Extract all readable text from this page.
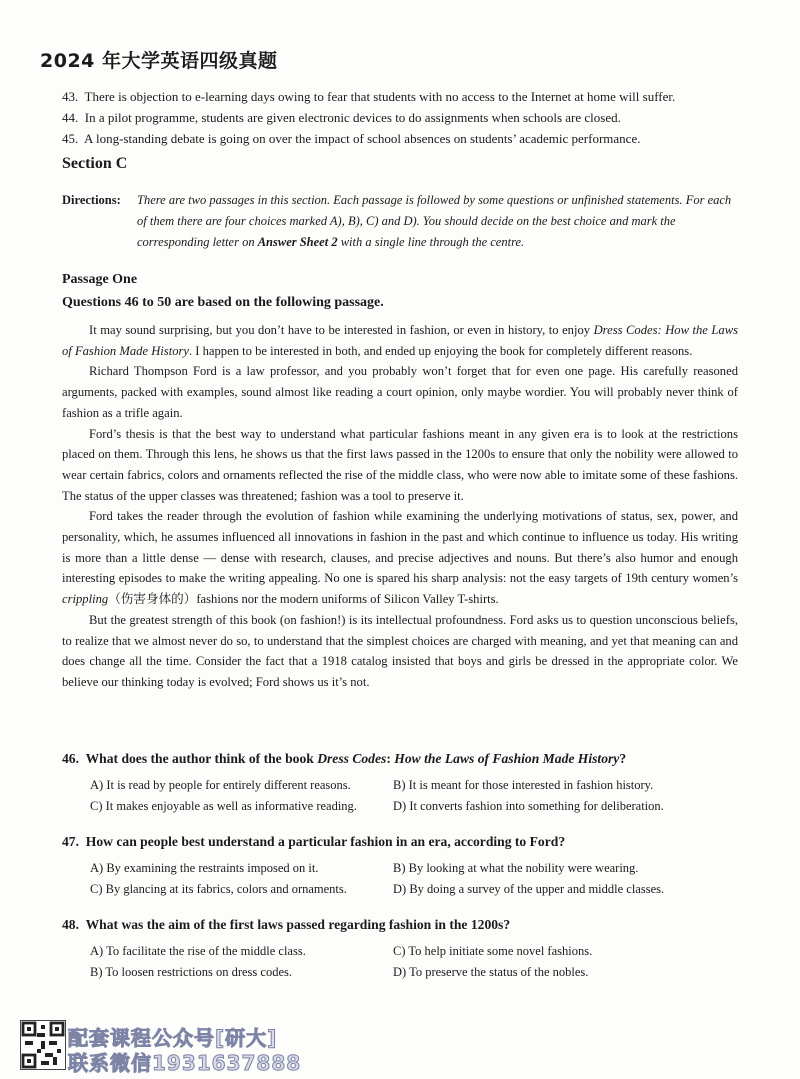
2024 年大学英语四级真题

43. There is objection to e-learning days owing to fear that students with no access to the Internet at home will suffer.

44. In a pilot programme, students are given electronic devices to do assignments when schools are closed.

45. A long-standing debate is going on over the impact of school absences on students’ academic performance.

Section C
Directions: There are two passages in this section. Each passage is followed by some questions or unfinished statements. For each of them there are four choices marked A), B), C) and D). You should decide on the best choice and mark the corresponding letter on Answer Sheet 2 with a single line through the centre.
Passage One
Questions 46 to 50 are based on the following passage.

It may sound surprising, but you don’t have to be interested in fashion, or even in history, to enjoy Dress Codes: How the Laws of Fashion Made History. I happen to be interested in both, and ended up enjoying the book for completely different reasons.

Richard Thompson Ford is a law professor, and you probably won’t forget that for even one page. His carefully reasoned arguments, packed with examples, sound almost like reading a court opinion, only maybe wordier. You will probably never think of fashion as a trifle again.

Ford’s thesis is that the best way to understand what particular fashions meant in any given era is to look at the restrictions placed on them. Through this lens, he shows us that the first laws passed in the 1200s to ensure that only the nobility were allowed to wear certain fabrics, colors and ornaments reflected the rise of the middle class, who were now able to imitate some of these fashions. The status of the upper classes was threatened; fashion was a tool to preserve it.

Ford takes the reader through the evolution of fashion while examining the underlying motivations of status, sex, power, and personality, which, he assumes influenced all innovations in fashion in the past and which continue to influence us today. His writing is more than a little dense — dense with research, clauses, and precise adjectives and nouns. But there’s also humor and enough interesting episodes to make the writing appealing. No one is spared his sharp analysis: not the easy targets of 19th century women’s crippling（伤害身体的）fashions nor the modern uniforms of Silicon Valley T-shirts.

But the greatest strength of this book (on fashion!) is its intellectual profoundness. Ford asks us to question unconscious beliefs, to realize that we almost never do so, to understand that the simplest choices are charged with meaning, and yet that meaning can and does change all the time. Consider the fact that a 1918 catalog insisted that boys and girls be dressed in the appropriate color. We believe our thinking today is evolved; Ford shows us it’s not.

46. What does the author think of the book Dress Codes: How the Laws of Fashion Made History?
A) It is read by people for entirely different reasons.	B) It is meant for those interested in fashion history.
C) It makes enjoyable as well as informative reading.	D) It converts fashion into something for deliberation.
47. How can people best understand a particular fashion in an era, according to Ford?
A) By examining the restraints imposed on it.	B) By looking at what the nobility were wearing.
C) By glancing at its fabrics, colors and ornaments.	D) By doing a survey of the upper and middle classes.
48. What was the aim of the first laws passed regarding fashion in the 1200s?
A) To facilitate the rise of the middle class.	C) To help initiate some novel fashions.
B) To loosen restrictions on dress codes.	D) To preserve the status of the nobles.
配套课程公众号[研大]
联系微信1931637888
